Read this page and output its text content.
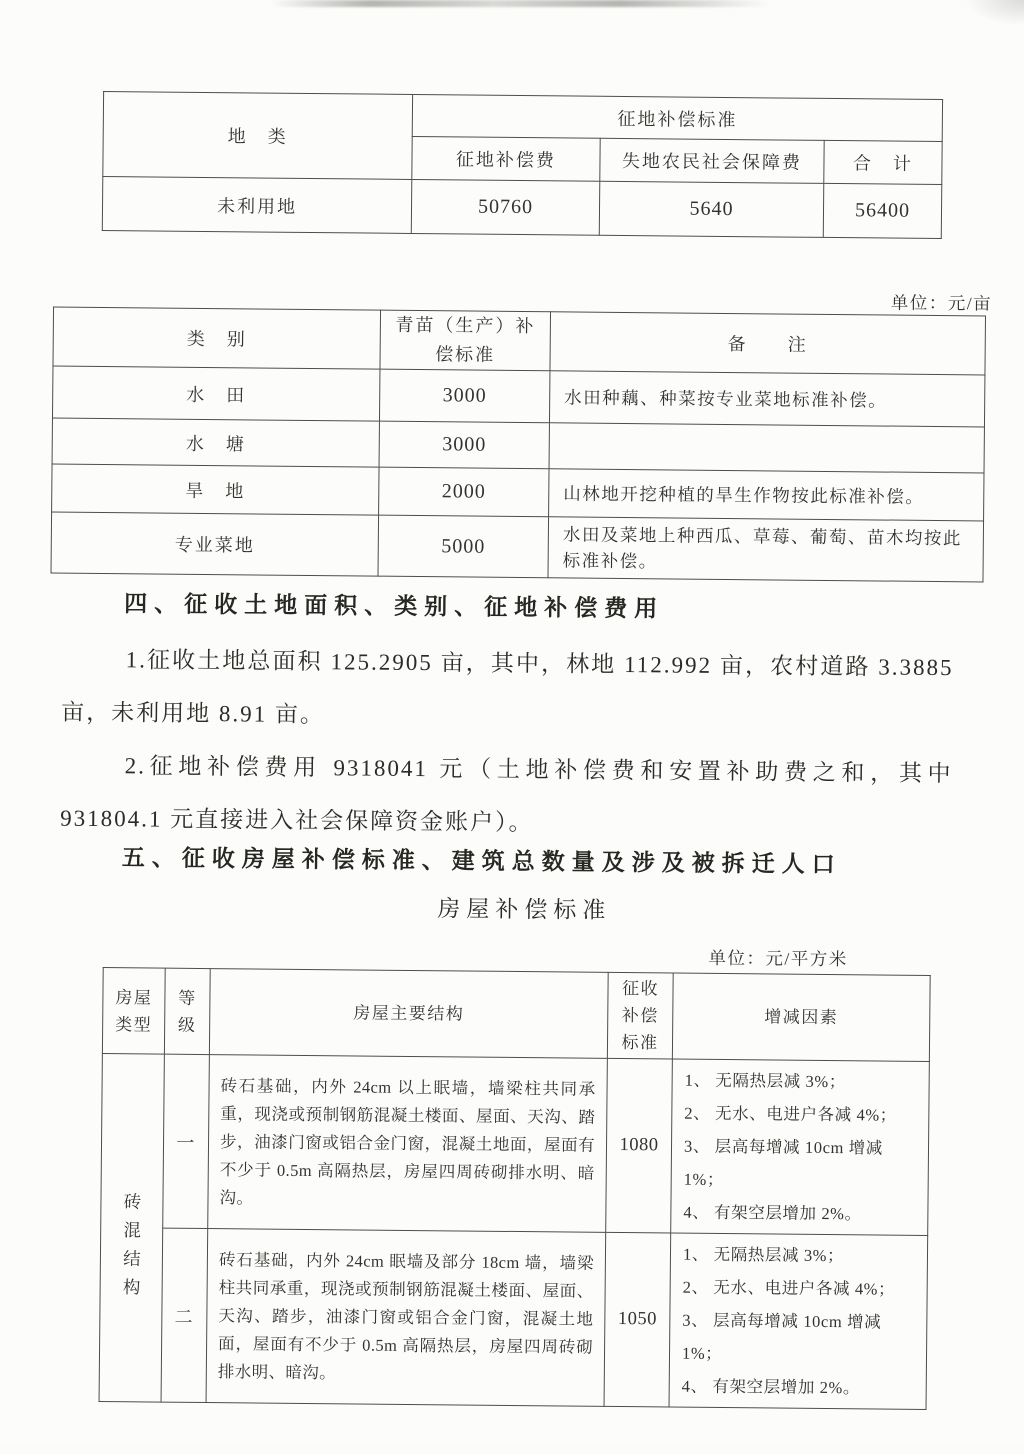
地　类	征地补偿标准		
	征地补偿费	失地农民社会保障费	合　计
未利用地	50760	5640	56400
单位：元/亩
类　别	青苗（生产）补偿标准	备　　注
水　田	3000	水田种藕、种菜按专业菜地标准补偿。
水　塘	3000	
旱　地	2000	山林地开挖种植的旱生作物按此标准补偿。
专业菜地	5000	水田及菜地上种西瓜、草莓、葡萄、苗木均按此标准补偿。
四、征收土地面积、类别、征地补偿费用

1.征收土地总面积 125.2905 亩，其中，林地 112.992 亩，农村道路 3.3885 亩，未利用地 8.91 亩。

2.征地补偿费用 9318041 元（土地补偿费和安置补助费之和，其中 931804.1 元直接进入社会保障资金账户）。

五、征收房屋补偿标准、建筑总数量及涉及被拆迁人口
房屋补偿标准
单位：元/平方米
房屋类型	等级	房屋主要结构	征收补偿标准	增减因素

砖混结构	一	砖石基础，内外 24cm 以上眠墙，墙梁柱共同承重，现浇或预制钢筋混凝土楼面、屋面、天沟、踏步，油漆门窗或铝合金门窗，混凝土地面，屋面有不少于 0.5m 高隔热层，房屋四周砖砌排水明、暗沟。	1080	1、 无隔热层减 3%；
2、 无水、电进户各减 4%；
3、 层高每增减 10cm 增减 1%；
4、 有架空层增加 2%。

	二	砖石基础，内外 24cm 眠墙及部分 18cm 墙，墙梁柱共同承重，现浇或预制钢筋混凝土楼面、屋面、天沟、踏步，油漆门窗或铝合金门窗，混凝土地面，屋面有不少于 0.5m 高隔热层，房屋四周砖砌排水明、暗沟。	1050	1、 无隔热层减 3%；
2、 无水、电进户各减 4%；
3、 层高每增减 10cm 增减 1%；
4、 有架空层增加 2%。
